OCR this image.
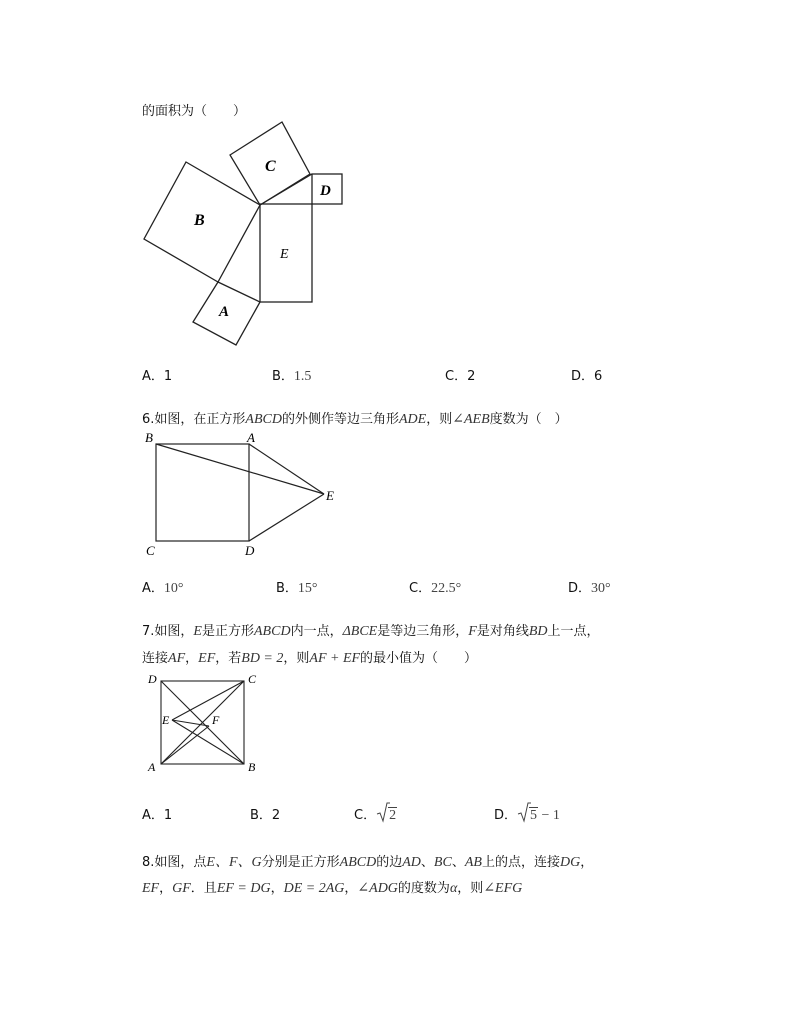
的面积为（　　）
C
D
B
E
A
A．1	B．1.5	C．2	D．6
6.如图，在正方形ABCD的外侧作等边三角形ADE，则∠AEB度数为（　）
B	A
E
C	D
A．10°	B．15°	C．22.5°	D．30°
7.如图，E是正方形ABCD内一点，ΔBCE是等边三角形，F是对角线BD上一点，
连接AF，EF，若BD = 2，则AF + EF的最小值为（　　）
D	C
E	F
A	B
A．1	B．2	C． 2	D． 5 − 1
8.如图，点E、F、G分别是正方形ABCD的边AD、BC、AB上的点，连接DG，
EF，GF．且EF = DG，DE = 2AG，∠ADG的度数为α，则∠EFG
